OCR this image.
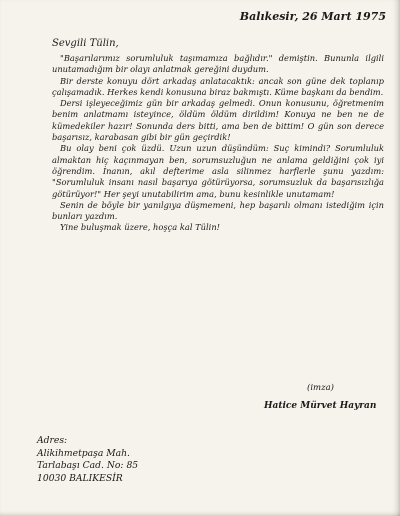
Balıkesir, 26 Mart 1975
Sevgili Tülin,

"Başarılarımız sorumluluk taşımamıza bağlıdır." demiştin. Bununla ilgili unutamadığım bir olayı anlatmak gereğini duydum.

Bir derste konuyu dört arkadaş anlatacaktık: ancak son güne dek toplanıp çalışamadık. Herkes kendi konusuna biraz bakmıştı. Küme başkanı da bendim.

Dersi işleyeceğimiz gün bir arkadaş gelmedi. Onun konusunu, öğretmenim benim anlatmamı isteyince, öldüm öldüm dirildim! Konuya ne ben ne de kümedekiler hazır! Sonunda ders bitti, ama ben de bittim! O gün son derece başarısız, karabasan gibi bir gün geçirdik!

Bu olay beni çok üzdü. Uzun uzun düşündüm: Suç kimindi? Sorumluluk almaktan hiç kaçınmayan ben, sorumsuzluğun ne anlama geldiğini çok iyi öğrendim. İnanın, akıl defterime asla silinmez harflerle şunu yazdım: "Sorumluluk insanı nasıl başarıya götürüyorsa, sorumsuzluk da başarısızlığa götürüyor!" Her şeyi unutabilirim ama, bunu kesinlikle unutamam!

Senin de böyle bir yanılgıya düşmemeni, hep başarılı olmanı istediğim için bunları yazdım.

Yine buluşmak üzere, hoşça kal Tülin!

(imza)
Hatice Mürvet Hayran
Adres:
Alikihmetpaşa Mah.
Tarlabaşı Cad. No: 85
10030 BALIKESİR
